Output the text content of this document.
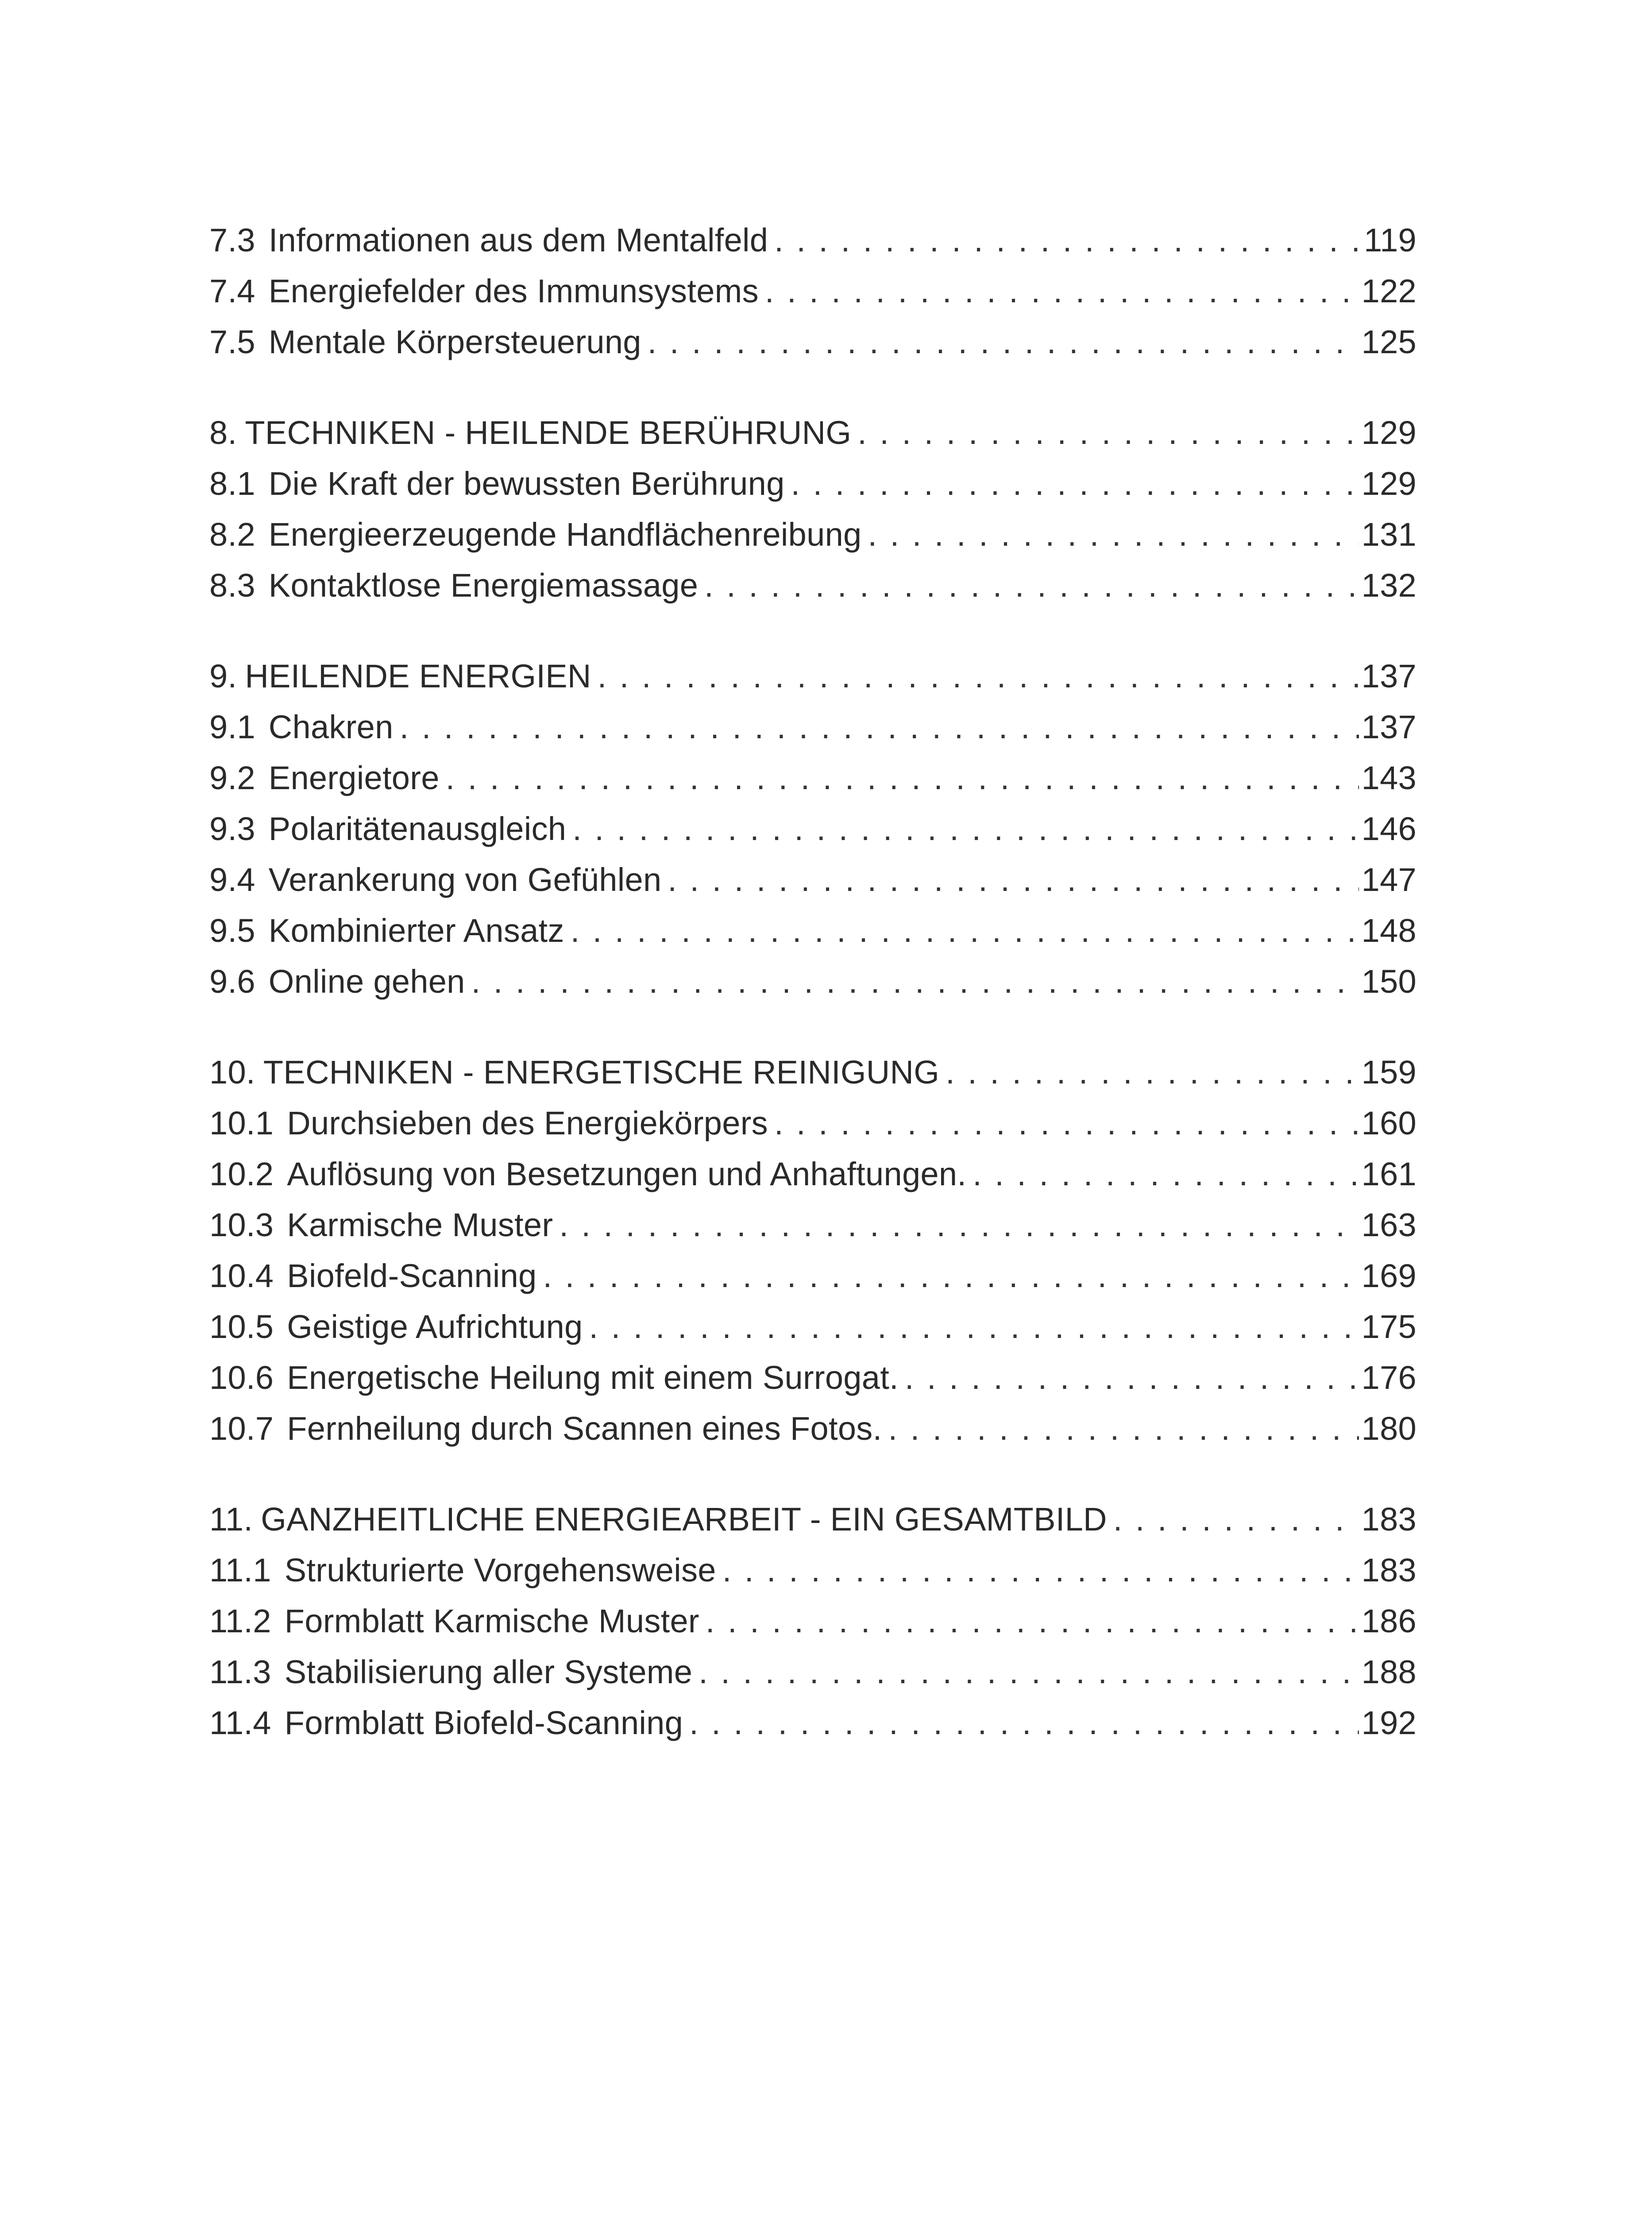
7.3 Informationen aus dem Mentalfeld . . .	119
7.4 Energiefelder des Immunsystems . . .	122
7.5 Mentale Körpersteuerung . . .	125
8. TECHNIKEN - HEILENDE BERÜHRUNG . . .	129
8.1 Die Kraft der bewussten Berührung . . .	129
8.2 Energieerzeugende Handflächenreibung . . .	131
8.3 Kontaktlose Energiemassage . . .	132
9. HEILENDE ENERGIEN . . .	137
9.1 Chakren . . .	137
9.2 Energietore . . .	143
9.3 Polaritätenausgleich . . .	146
9.4 Verankerung von Gefühlen . . .	147
9.5 Kombinierter Ansatz . . .	148
9.6 Online gehen . . .	150
10. TECHNIKEN - ENERGETISCHE REINIGUNG . . .	159
10.1 Durchsieben des Energiekörpers . . .	160
10.2 Auflösung von Besetzungen und Anhaftungen. . . .	161
10.3 Karmische Muster . . .	163
10.4 Biofeld-Scanning . . .	169
10.5 Geistige Aufrichtung . . .	175
10.6 Energetische Heilung mit einem Surrogat. . . .	176
10.7 Fernheilung durch Scannen eines Fotos. . . .	180
11. GANZHEITLICHE ENERGIEARBEIT - EIN GESAMTBILD . . .	183
11.1 Strukturierte Vorgehensweise . . .	183
11.2 Formblatt Karmische Muster . . .	186
11.3 Stabilisierung aller Systeme . . .	188
11.4 Formblatt Biofeld-Scanning . . .	192
